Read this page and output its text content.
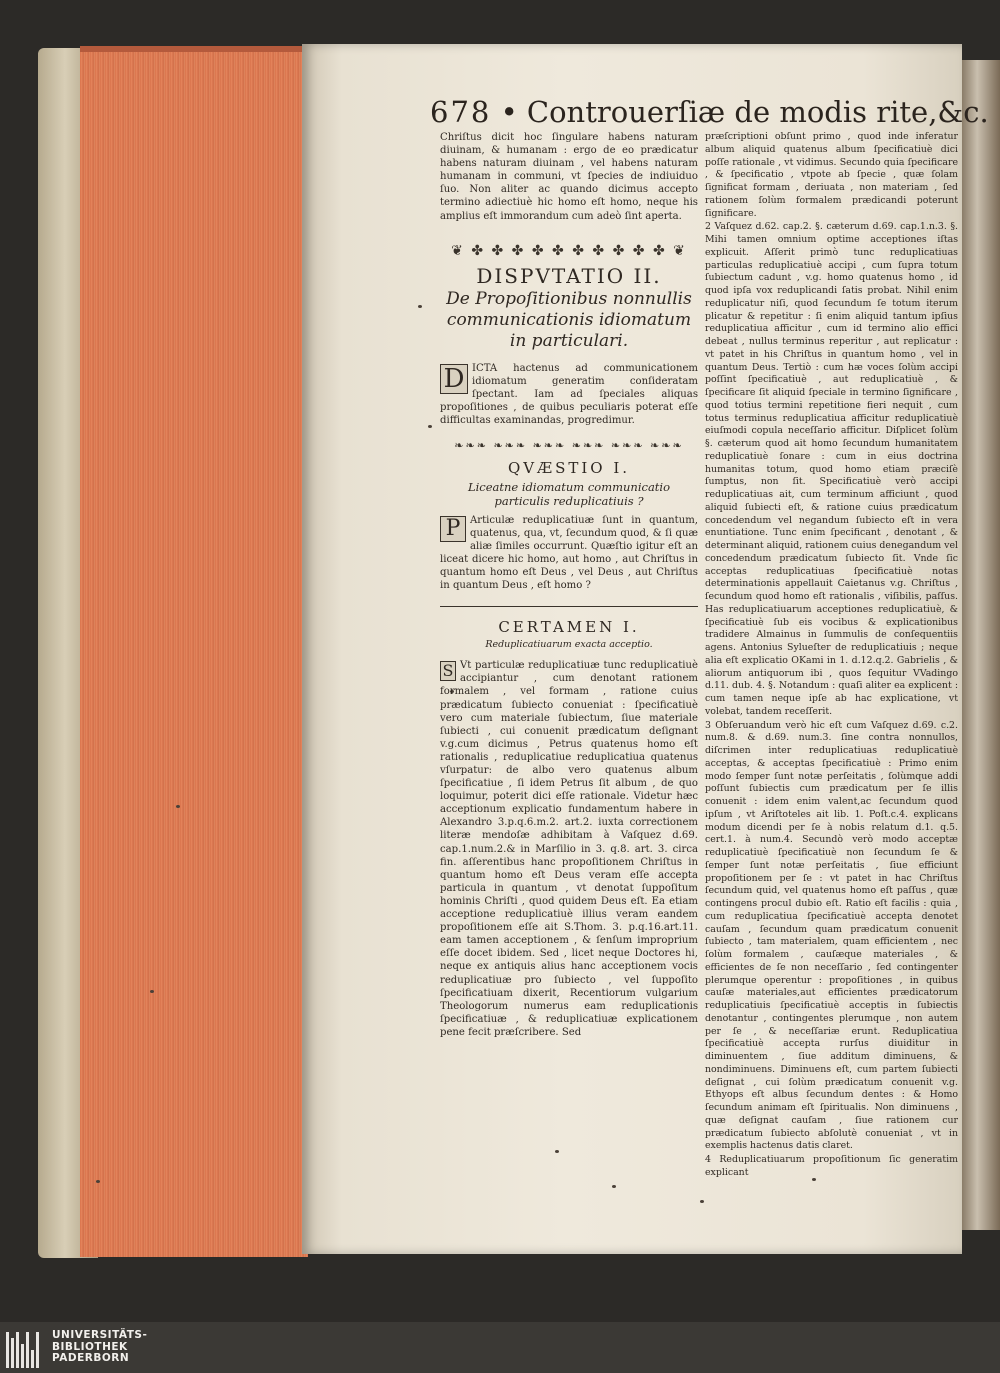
678 • Controuerſiæ de modis rite,&c.

Chriſtus dicit hoc ſingulare habens naturam diuinam, & humanam : ergo de eo prædicatur habens naturam diuinam , vel habens naturam humanam in communi, vt ſpecies de indiuiduo ſuo. Non aliter ac quando dicimus accepto termino adiectiuè hic homo eſt homo, neque his amplius eſt immorandum cum adeò ſint aperta.

❦ ✤ ✤ ✤ ✤ ✤ ✤ ✤ ✤ ✤ ✤ ❦
DISPVTATIO II.
De Propoſitionibus nonnullis communicationis idiomatum in particulari.

D ICTA hactenus ad communicationem idiomatum generatim conſideratam ſpectant. Iam ad ſpeciales aliquas propoſitiones , de quibus peculiaris poterat eſſe difficultas examinandas, progredimur.

❧❧❧ ❧❧❧ ❧❧❧ ❧❧❧ ❧❧❧ ❧❧❧
QVÆSTIO I.
Liceatne idiomatum communicatio particulis reduplicatiuis ?

P Articulæ reduplicatiuæ ſunt in quantum, quatenus, qua, vt, ſecundum quod, & ſi quæ aliæ ſimiles occurrunt. Quæſtio igitur eſt an liceat dicere hic homo, aut homo , aut Chriſtus in quantum homo eſt Deus , vel Deus , aut Chriſtus in quantum Deus , eſt homo ?

CERTAMEN I.
Reduplicatiuarum exacta acceptio.

S Vt particulæ reduplicatiuæ tunc reduplicatiuè accipiantur , cum denotant rationem formalem , vel formam , ratione cuius prædicatum ſubiecto conueniat : ſpecificatiuè vero cum materiale ſubiectum, ſiue materiale ſubiecti , cui conuenit prædicatum deſignant v.g.cum dicimus , Petrus quatenus homo eſt rationalis , reduplicatiue reduplicatiua quatenus vſurpatur: de albo vero quatenus album ſpecificatiue , ſi idem Petrus ſit album , de quo loquimur, poterit dici eſſe rationale. Videtur hæc acceptionum explicatio fundamentum habere in Alexandro 3.p.q.6.m.2. art.2. iuxta correctionem literæ mendoſæ adhibitam à Vaſquez d.69. cap.1.num.2.& in Marſilio in 3. q.8. art. 3. circa fin. aſſerentibus hanc propoſitionem Chriſtus in quantum homo eſt Deus veram eſſe accepta particula in quantum , vt denotat ſuppoſitum hominis Chriſti , quod quidem Deus eſt. Ea etiam acceptione reduplicatiuè illius veram eandem propoſitionem eſſe ait S.Thom. 3. p.q.16.art.11. eam tamen acceptionem , & ſenſum improprium eſſe docet ibidem. Sed , licet neque Doctores hi, neque ex antiquis alius hanc acceptionem vocis reduplicatiuæ pro ſubiecto , vel ſuppoſito ſpecificatiuam dixerit, Recentiorum vulgarium Theologorum numerus eam reduplicationis ſpecificatiuæ , & reduplicatiuæ explicationem pene fecit præſcribere. Sed

præſcriptioni obſunt primo , quod inde inferatur album aliquid quatenus album ſpecificatiuè dici poſſe rationale , vt vidimus. Secundo quia ſpecificare , & ſpecificatio , vtpote ab ſpecie , quæ ſolam ſignificat formam , deriuata , non materiam , ſed rationem ſolùm formalem prædicandi poterunt ſignificare.

2 Vaſquez d.62. cap.2. §. cæterum d.69. cap.1.n.3. §. Mihi tamen omnium optime acceptiones iſtas explicuit. Aſſerit primò tunc reduplicatiuas particulas reduplicatiuè accipi , cum ſupra totum ſubiectum cadunt , v.g. homo quatenus homo , id quod ipſa vox reduplicandi ſatis probat. Nihil enim reduplicatur niſi, quod ſecundum ſe totum iterum plicatur & repetitur : ſi enim aliquid tantum ipſius reduplicatiua afficitur , cum id termino alio effici debeat , nullus terminus reperitur , aut replicatur : vt patet in his Chriſtus in quantum homo , vel in quantum Deus. Tertiò : cum hæ voces ſolùm accipi poſſint ſpecificatiuè , aut reduplicatiuè , & ſpecificare ſit aliquid ſpeciale in termino ſignificare , quod totius termini repetitione fieri nequit , cum totus terminus reduplicatiua afficitur reduplicatiuè eiuſmodi copula neceſſario afficitur. Diſplicet ſolùm §. cæterum quod ait homo ſecundum humanitatem reduplicatiuè ſonare : cum in eius doctrina humanitas totum, quod homo etiam præciſè ſumptus, non ſit. Specificatiuè verò accipi reduplicatiuas ait, cum terminum afficiunt , quod aliquid ſubiecti eſt, & ratione cuius prædicatum concedendum vel negandum ſubiecto eſt in vera enuntiatione. Tunc enim ſpecificant , denotant , & determinant aliquid, rationem cuius denegandum vel concedendum prædicatum ſubiecto ſit. Vnde ſic acceptas reduplicatiuas ſpecificatiuè notas determinationis appellauit Caietanus v.g. Chriſtus , ſecundum quod homo eſt rationalis , viſibilis, paſſus. Has reduplicatiuarum acceptiones reduplicatiuè, & ſpecificatiuè ſub eis vocibus & explicationibus tradidere Almainus in ſummulis de conſequentiis agens. Antonius Sylueſter de reduplicatiuis ; neque alia eſt explicatio OKami in 1. d.12.q.2. Gabrielis , & aliorum antiquorum ibi , quos ſequitur VVadingo d.11. dub. 4. §. Notandum : quaſi aliter ea explicent : cum tamen neque ipſe ab hac explicatione, vt volebat, tandem receſſerit.

3 Obſeruandum verò hic eſt cum Vaſquez d.69. c.2. num.8. & d.69. num.3. ſine contra nonnullos, diſcrimen inter reduplicatiuas reduplicatiuè acceptas, & acceptas ſpecificatiuè : Primo enim modo ſemper ſunt notæ perſeitatis , ſolùmque addi poſſunt ſubiectis cum prædicatum per ſe illis conuenit : idem enim valent,ac ſecundum quod ipſum , vt Ariſtoteles ait lib. 1. Poſt.c.4. explicans modum dicendi per ſe à nobis relatum d.1. q.5. cert.1. à num.4. Secundò verò modo acceptæ reduplicatiuè ſpecificatiuè non ſecundum ſe & ſemper ſunt notæ perſeitatis , ſiue efficiunt propoſitionem per ſe : vt patet in hac Chriſtus ſecundum quid, vel quatenus homo eſt paſſus , quæ contingens procul dubio eſt. Ratio eſt facilis : quia , cum reduplicatiua ſpecificatiuè accepta denotet cauſam , ſecundum quam prædicatum conuenit ſubiecto , tam materialem, quam efficientem , nec ſolùm formalem , cauſæque materiales , & efficientes de ſe non neceſſario , ſed contingenter plerumque operentur : propoſitiones , in quibus cauſæ materiales,aut efficientes prædicatorum reduplicatiuis ſpecificatiuè acceptis in ſubiectis denotantur , contingentes plerumque , non autem per ſe , & neceſſariæ erunt. Reduplicatiua ſpecificatiuè accepta rurſus diuiditur in diminuentem , ſiue additum diminuens, & nondiminuens. Diminuens eſt, cum partem ſubiecti deſignat , cui ſolùm prædicatum conuenit v.g. Ethyops eſt albus ſecundum dentes : & Homo ſecundum animam eſt ſpiritualis. Non diminuens , quæ deſignat cauſam , ſiue rationem cur prædicatum ſubiecto abſolutè conueniat , vt in exemplis hactenus datis claret.

4 Reduplicatiuarum propoſitionum ſic generatim explicant

UNIVERSITÄTS-
BIBLIOTHEK
PADERBORN
